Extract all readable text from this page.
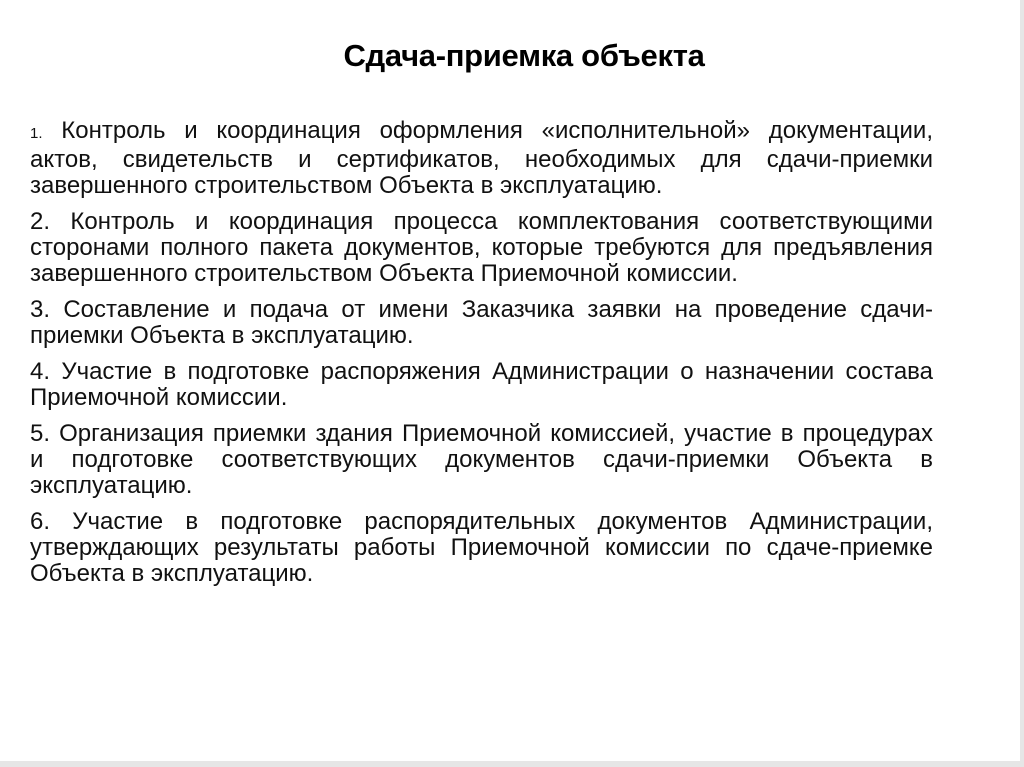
Сдача-приемка объекта
1. Контроль и координация оформления «исполнительной» документации, актов, свидетельств и сертификатов, необходимых для сдачи-приемки завершенного строительством Объекта в эксплуатацию.
2. Контроль и координация процесса комплектования соответствующими сторонами полного пакета документов, которые требуются для предъявления завершенного строительством Объекта Приемочной комиссии.
3. Составление и подача от имени Заказчика заявки на проведение сдачи-приемки Объекта в эксплуатацию.
4. Участие в подготовке распоряжения Администрации о назначении состава Приемочной комиссии.
5. Организация приемки здания Приемочной комиссией, участие в процедурах и подготовке соответствующих документов сдачи-приемки Объекта в эксплуатацию.
6. Участие в подготовке распорядительных документов Администрации, утверждающих результаты работы Приемочной комиссии по сдаче-приемке Объекта в эксплуатацию.
